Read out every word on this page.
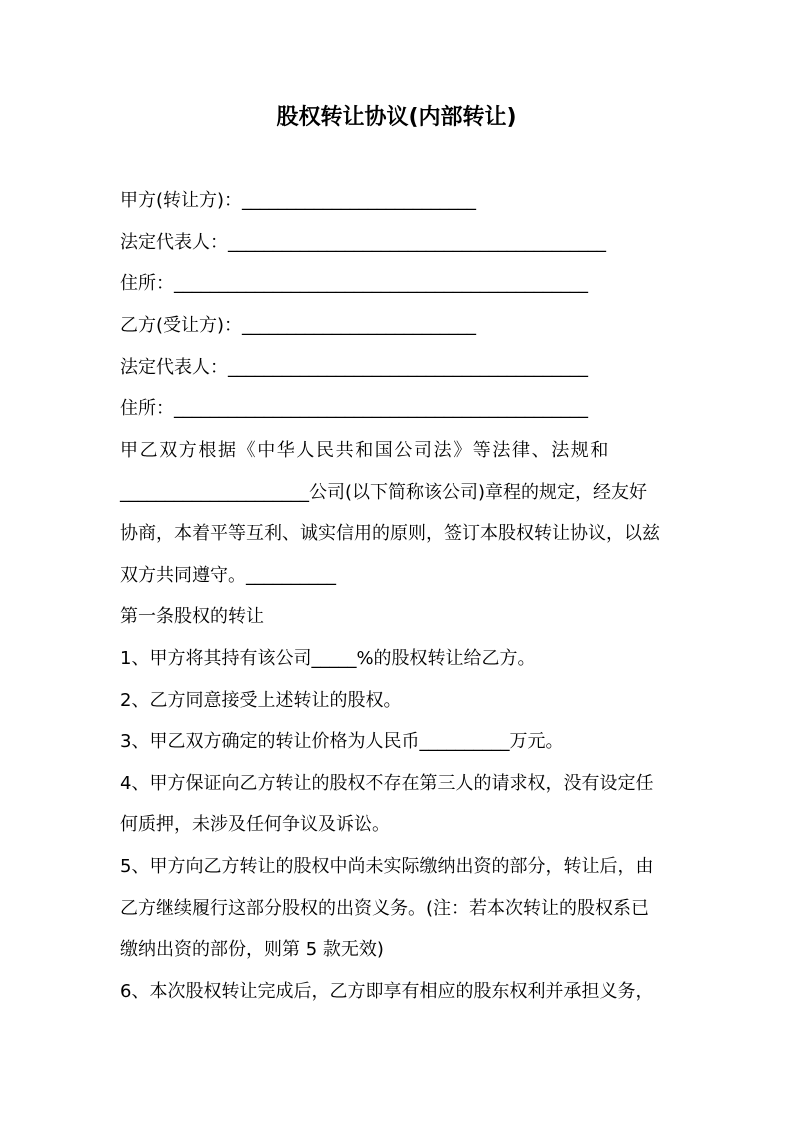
股权转让协议(内部转让)
甲方(转让方)：__________________________
法定代表人：__________________________________________
住所：______________________________________________
乙方(受让方)：__________________________
法定代表人：________________________________________
住所：______________________________________________
甲乙双方根据《中华人民共和国公司法》等法律、法规和
_____________________公司(以下简称该公司)章程的规定，经友好
协商，本着平等互利、诚实信用的原则，签订本股权转让协议，以兹
双方共同遵守。__________
第一条股权的转让
1、甲方将其持有该公司_____%的股权转让给乙方。
2、乙方同意接受上述转让的股权。
3、甲乙双方确定的转让价格为人民币__________万元。
4、甲方保证向乙方转让的股权不存在第三人的请求权，没有设定任
何质押，未涉及任何争议及诉讼。
5、甲方向乙方转让的股权中尚未实际缴纳出资的部分，转让后，由
乙方继续履行这部分股权的出资义务。(注：若本次转让的股权系已
缴纳出资的部份，则第 5 款无效)
6、本次股权转让完成后，乙方即享有相应的股东权利并承担义务，
